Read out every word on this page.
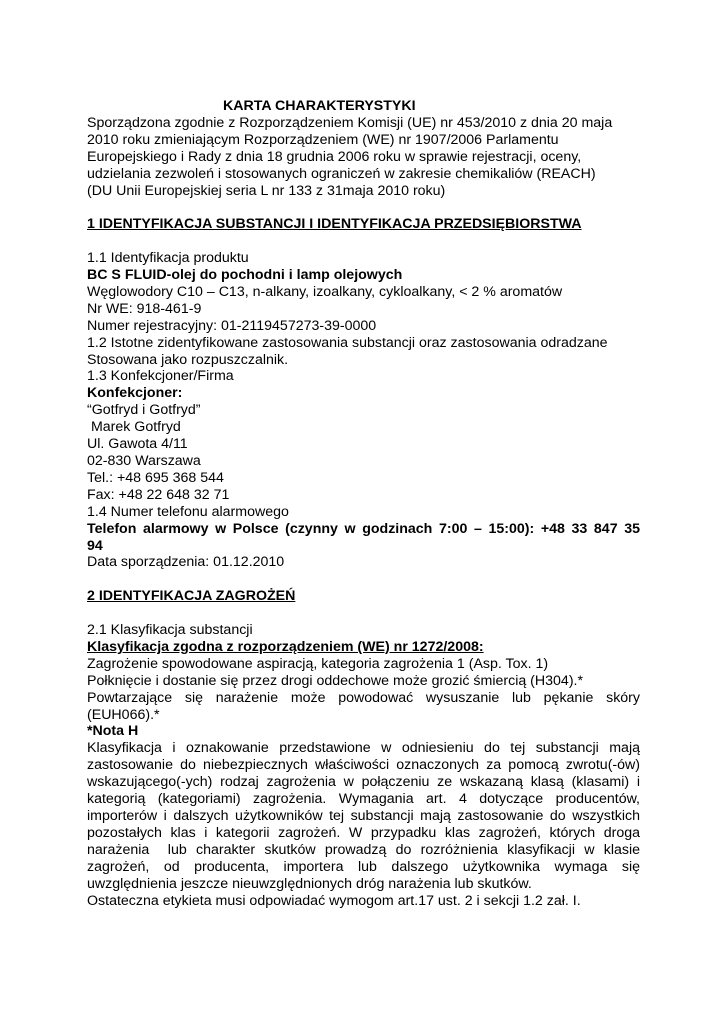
KARTA CHARAKTERYSTYKI
Sporządzona zgodnie z Rozporządzeniem Komisji (UE) nr 453/2010 z dnia 20 maja
2010 roku zmieniającym Rozporządzeniem (WE) nr 1907/2006 Parlamentu
Europejskiego i Rady z dnia 18 grudnia 2006 roku w sprawie rejestracji, oceny,
udzielania zezwoleń i stosowanych ograniczeń w zakresie chemikaliów (REACH)
(DU Unii Europejskiej seria L nr 133 z 31maja 2010 roku)
1 IDENTYFIKACJA SUBSTANCJI I IDENTYFIKACJA PRZEDSIĘBIORSTWA
1.1 Identyfikacja produktu
BC S FLUID-olej do pochodni i lamp olejowych
Węglowodory C10 – C13, n-alkany, izoalkany, cykloalkany, < 2 % aromatów
Nr WE: 918-461-9
Numer rejestracyjny: 01-2119457273-39-0000
1.2 Istotne zidentyfikowane zastosowania substancji oraz zastosowania odradzane
Stosowana jako rozpuszczalnik.
1.3 Konfekcjoner/Firma
Konfekcjoner:
“Gotfryd i Gotfryd”
Marek Gotfryd
Ul. Gawota 4/11
02-830 Warszawa
Tel.: +48 695 368 544
Fax: +48 22 648 32 71
1.4 Numer telefonu alarmowego
Telefon alarmowy w Polsce (czynny w godzinach 7:00 – 15:00): +48 33 847 35
94
Data sporządzenia: 01.12.2010
2 IDENTYFIKACJA ZAGROŻEŃ
2.1 Klasyfikacja substancji
Klasyfikacja zgodna z rozporządzeniem (WE) nr 1272/2008:
Zagrożenie spowodowane aspiracją, kategoria zagrożenia 1 (Asp. Tox. 1)
Połknięcie i dostanie się przez drogi oddechowe może grozić śmiercią (H304).*
Powtarzające się narażenie może powodować wysuszanie lub pękanie skóry
(EUH066).*
*Nota H
Klasyfikacja i oznakowanie przedstawione w odniesieniu do tej substancji mają
zastosowanie do niebezpiecznych właściwości oznaczonych za pomocą zwrotu(-ów)
wskazującego(-ych) rodzaj zagrożenia w połączeniu ze wskazaną klasą (klasami) i
kategorią (kategoriami) zagrożenia. Wymagania art. 4 dotyczące producentów,
importerów i dalszych użytkowników tej substancji mają zastosowanie do wszystkich
pozostałych klas i kategorii zagrożeń. W przypadku klas zagrożeń, których droga
narażenia  lub charakter skutków prowadzą do rozróżnienia klasyfikacji w klasie
zagrożeń, od producenta, importera lub dalszego użytkownika wymaga się
uwzględnienia jeszcze nieuwzględnionych dróg narażenia lub skutków.
Ostateczna etykieta musi odpowiadać wymogom art.17 ust. 2 i sekcji 1.2 zał. I.
